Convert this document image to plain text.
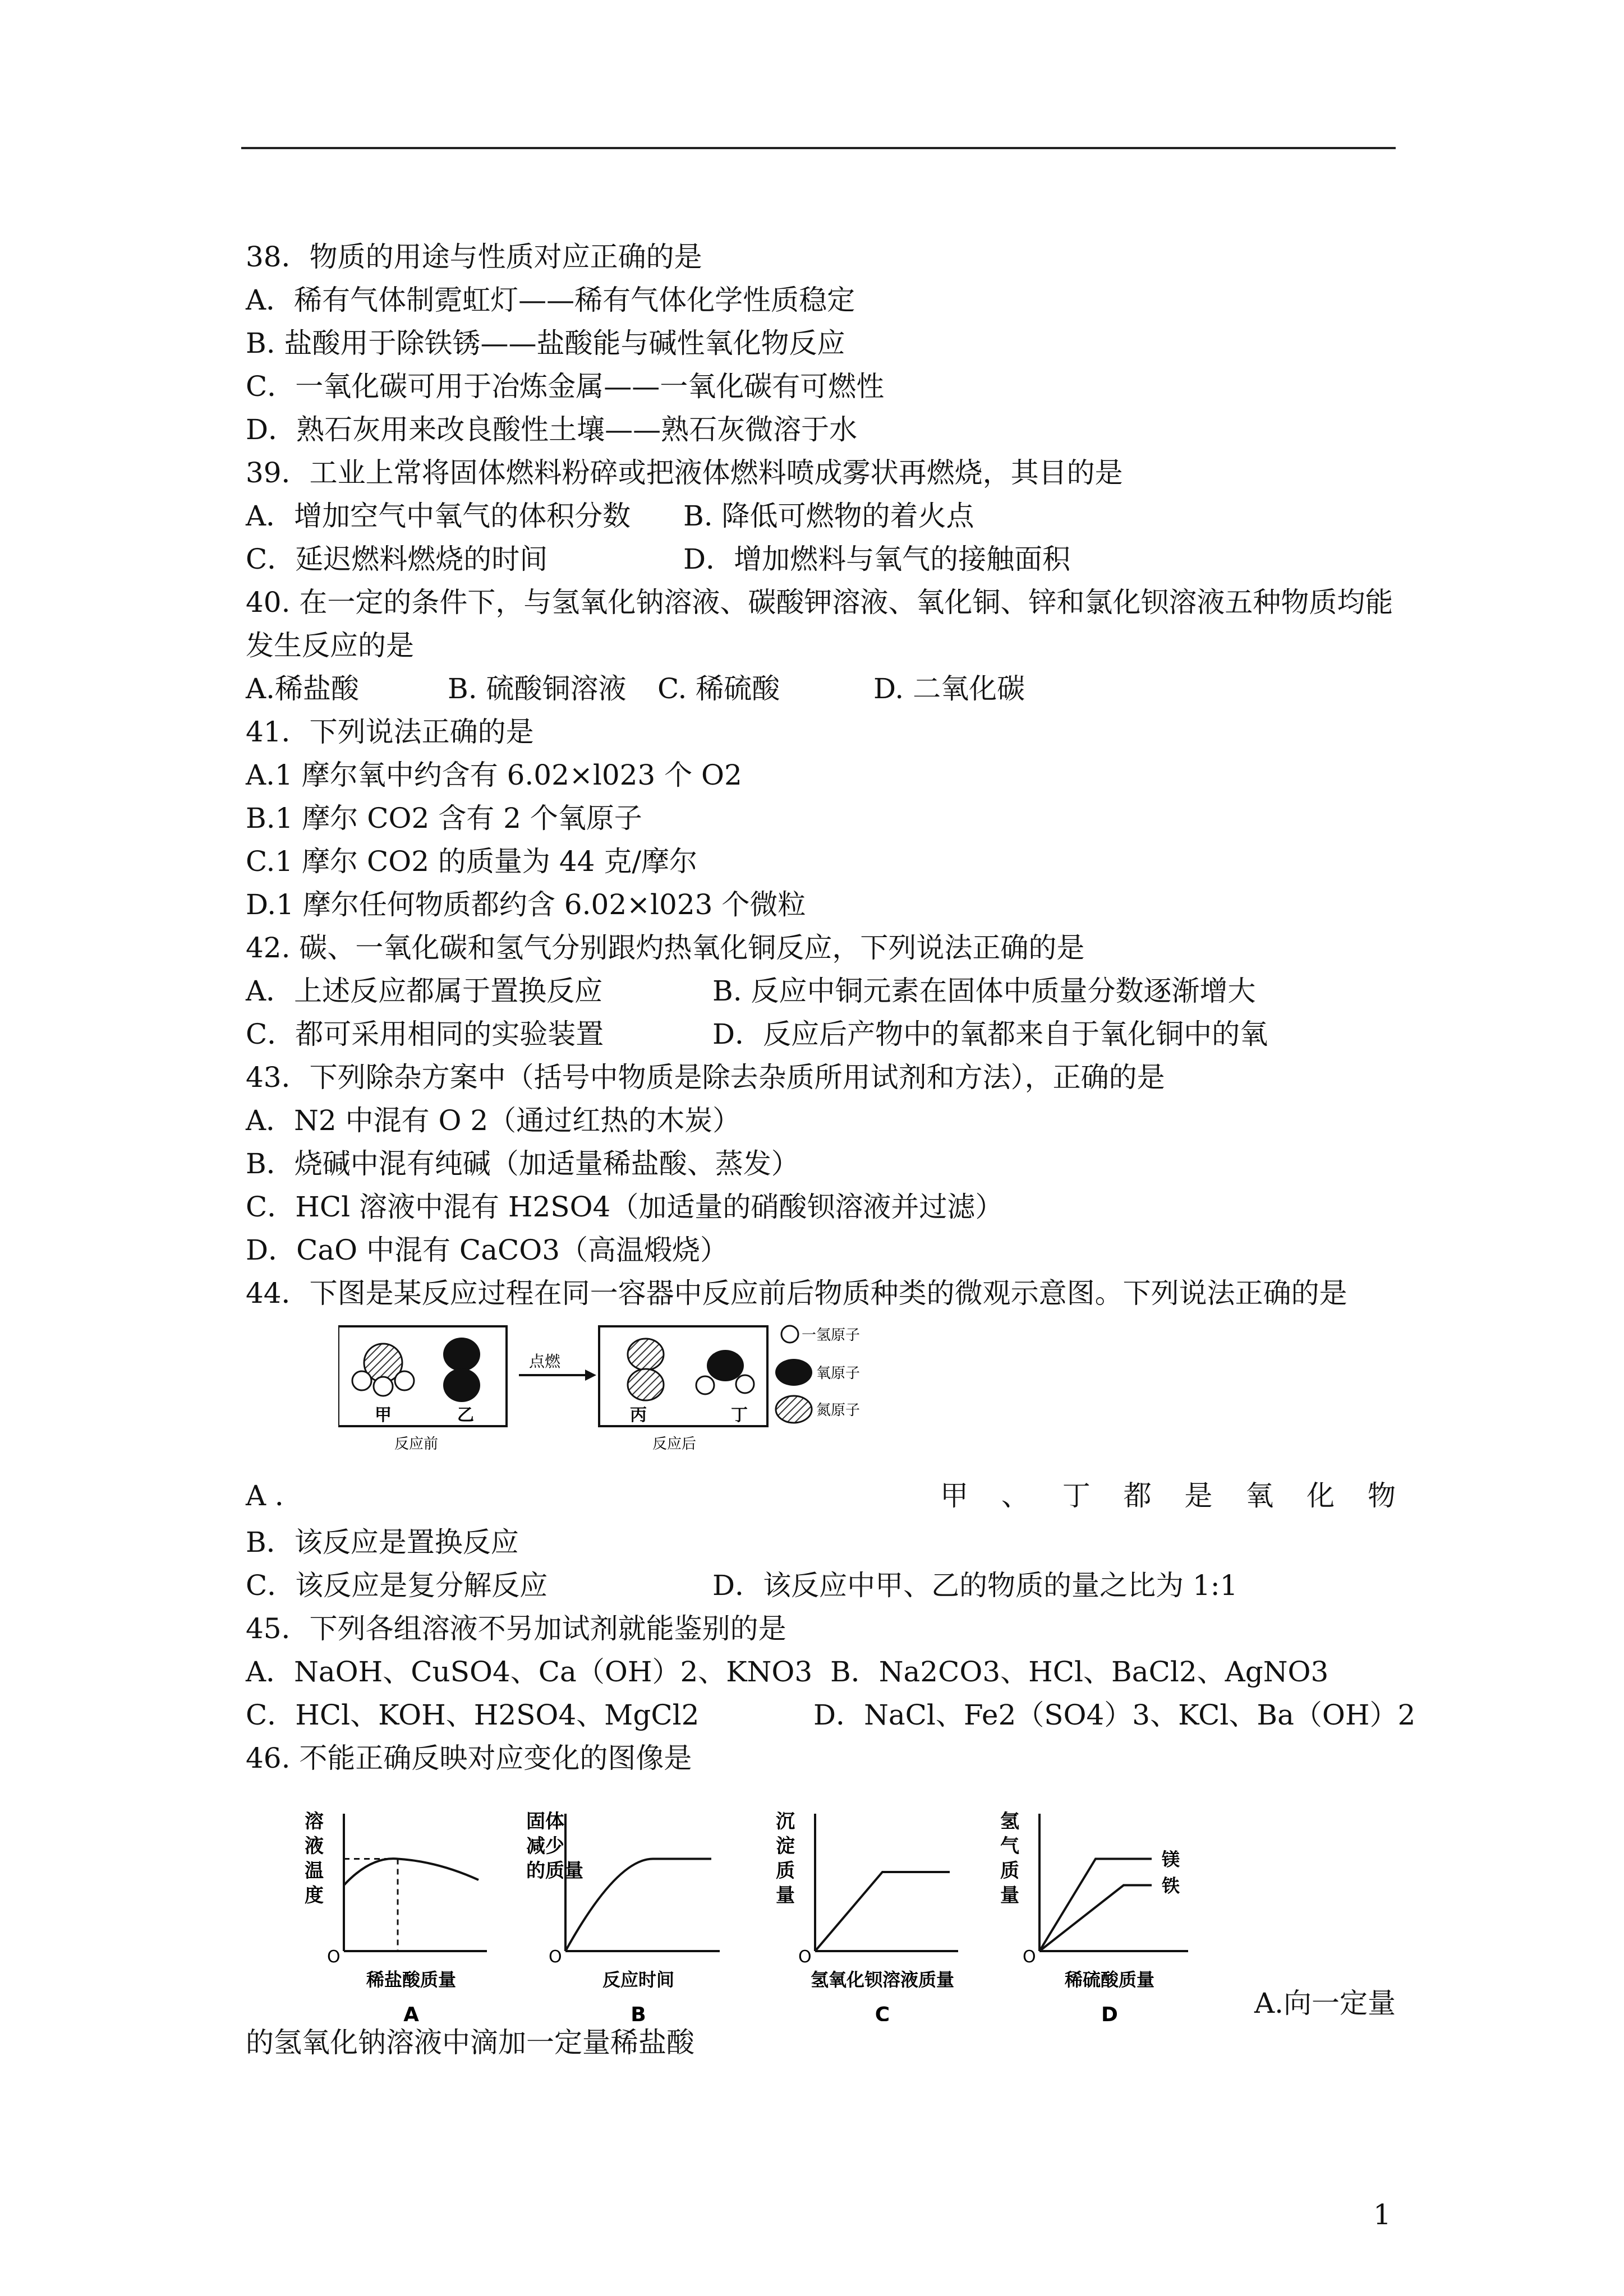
38．物质的用途与性质对应正确的是
A．稀有气体制霓虹灯——稀有气体化学性质稳定
B. 盐酸用于除铁锈——盐酸能与碱性氧化物反应
C．一氧化碳可用于冶炼金属——一氧化碳有可燃性
D．熟石灰用来改良酸性土壤——熟石灰微溶于水
39．工业上常将固体燃料粉碎或把液体燃料喷成雾状再燃烧，其目的是
A．增加空气中氧气的体积分数 B. 降低可燃物的着火点
C．延迟燃料燃烧的时间	D．增加燃料与氧气的接触面积
40. 在一定的条件下，与氢氧化钠溶液、碳酸钾溶液、氧化铜、锌和氯化钡溶液五种物质均能发生反应的是
A.稀盐酸	B. 硫酸铜溶液 C. 稀硫酸	D. 二氧化碳
41．下列说法正确的是
A.1 摩尔氧中约含有 6.02×l023 个 O2
B.1 摩尔 CO2 含有 2 个氧原子
C.1 摩尔 CO2 的质量为 44 克/摩尔
D.1 摩尔任何物质都约含 6.02×l023 个微粒
42. 碳、一氧化碳和氢气分别跟灼热氧化铜反应，下列说法正确的是
A．上述反应都属于置换反应	B. 反应中铜元素在固体中质量分数逐渐增大
C．都可采用相同的实验装置	D．反应后产物中的氧都来自于氧化铜中的氧
43．下列除杂方案中（括号中物质是除去杂质所用试剂和方法），正确的是
A．N2 中混有 O 2（通过红热的木炭）
B．烧碱中混有纯碱（加适量稀盐酸、蒸发）
C．HCl 溶液中混有 H2SO4（加适量的硝酸钡溶液并过滤）
D．CaO 中混有 CaCO3（高温煅烧）
44．下图是某反应过程在同一容器中反应前后物质种类的微观示意图。下列说法正确的是
甲	乙
反应前
点燃
丙	丁
反应后
一氢原子
氧原子
氮原子
A ．	甲 、 丁 都 是 氧 化 物
B．该反应是置换反应
C．该反应是复分解反应	D．该反应中甲、乙的物质的量之比为 1:1
45．下列各组溶液不另加试剂就能鉴别的是
A．NaOH、CuSO4、Ca（OH）2、KNO3 B．Na2CO3、HCl、BaCl2、AgNO3
C．HCl、KOH、H2SO4、MgCl2	D．NaCl、Fe2（SO4）3、KCl、Ba（OH）2
46. 不能正确反映对应变化的图像是
O
溶
液
温
度
稀盐酸质量
A
O
固体
减少
的质量
反应时间
B
O
沉
淀
质
量
氢氧化钡溶液质量
C
O
氢
气
质
量
稀硫酸质量
D
镁
铁
A.向一定量
的氢氧化钠溶液中滴加一定量稀盐酸
1
